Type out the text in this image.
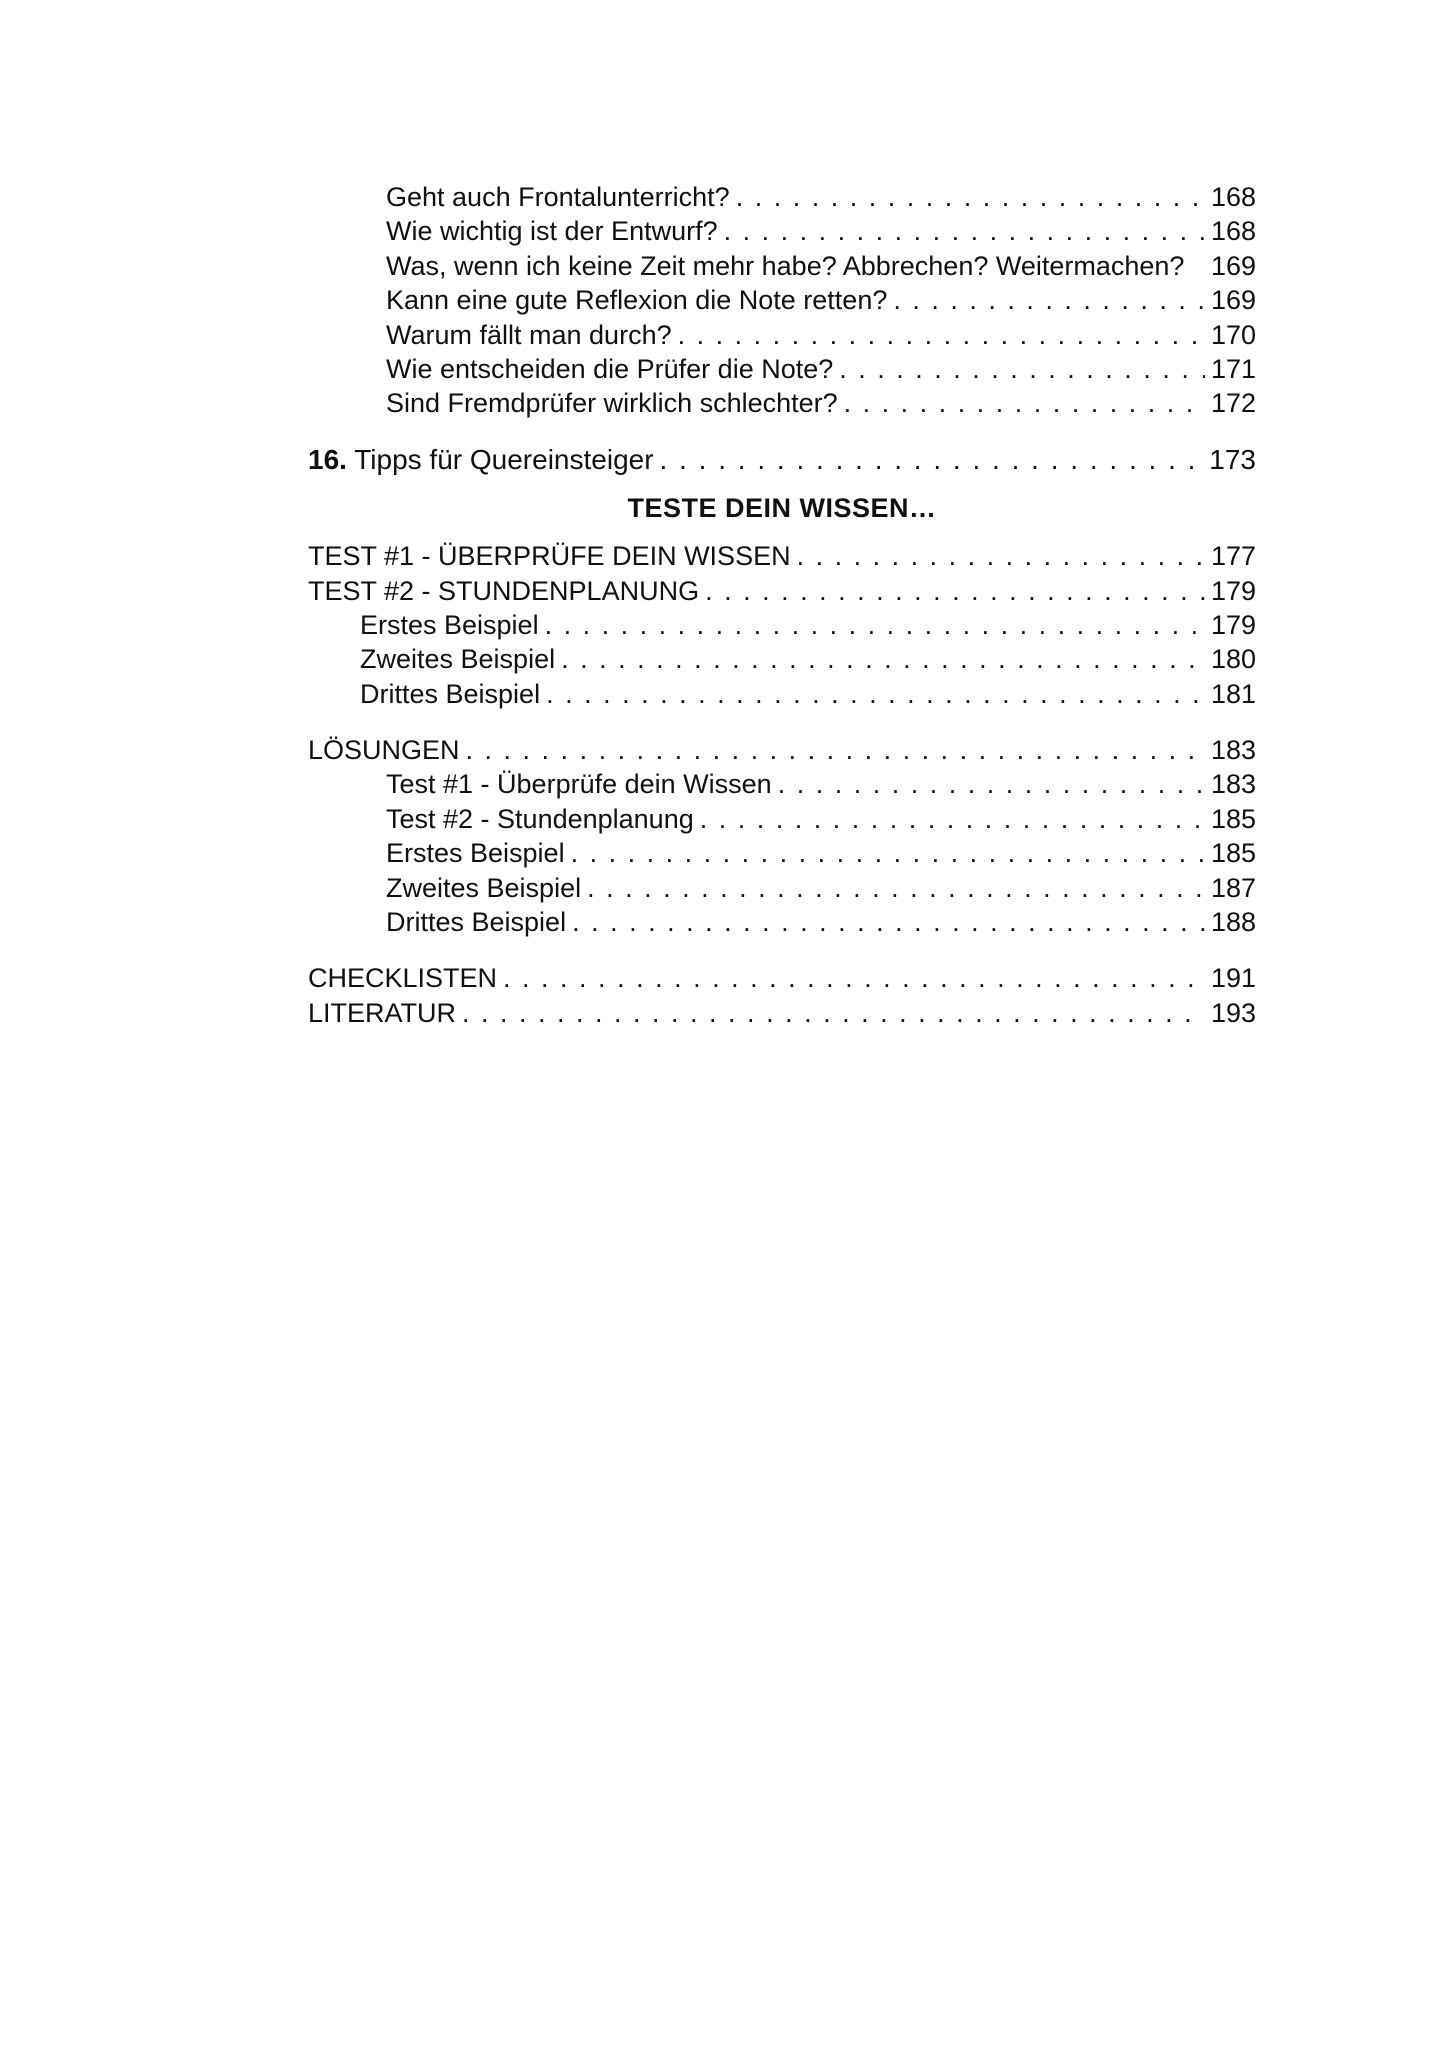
Geht auch Frontalunterricht? . . .	168
Wie wichtig ist der Entwurf? . . .	168
Was, wenn ich keine Zeit mehr habe? Abbrechen? Weitermachen? 169
Kann eine gute Reflexion die Note retten? . . .	169
Warum fällt man durch? . . .	170
Wie entscheiden die Prüfer die Note? . . .	171
Sind Fremdprüfer wirklich schlechter? . . .	172
16. Tipps für Quereinsteiger . . .	173
TESTE DEIN WISSEN…
TEST #1 - ÜBERPRÜFE DEIN WISSEN . . .	177
TEST #2 - STUNDENPLANUNG . . .	179
Erstes Beispiel . . .	179
Zweites Beispiel . . .	180
Drittes Beispiel . . .	181
LÖSUNGEN . . .	183
Test #1 - Überprüfe dein Wissen . . .	183
Test #2 - Stundenplanung . . .	185
Erstes Beispiel . . .	185
Zweites Beispiel . . .	187
Drittes Beispiel . . .	188
CHECKLISTEN . . .	191
LITERATUR . . .	193
